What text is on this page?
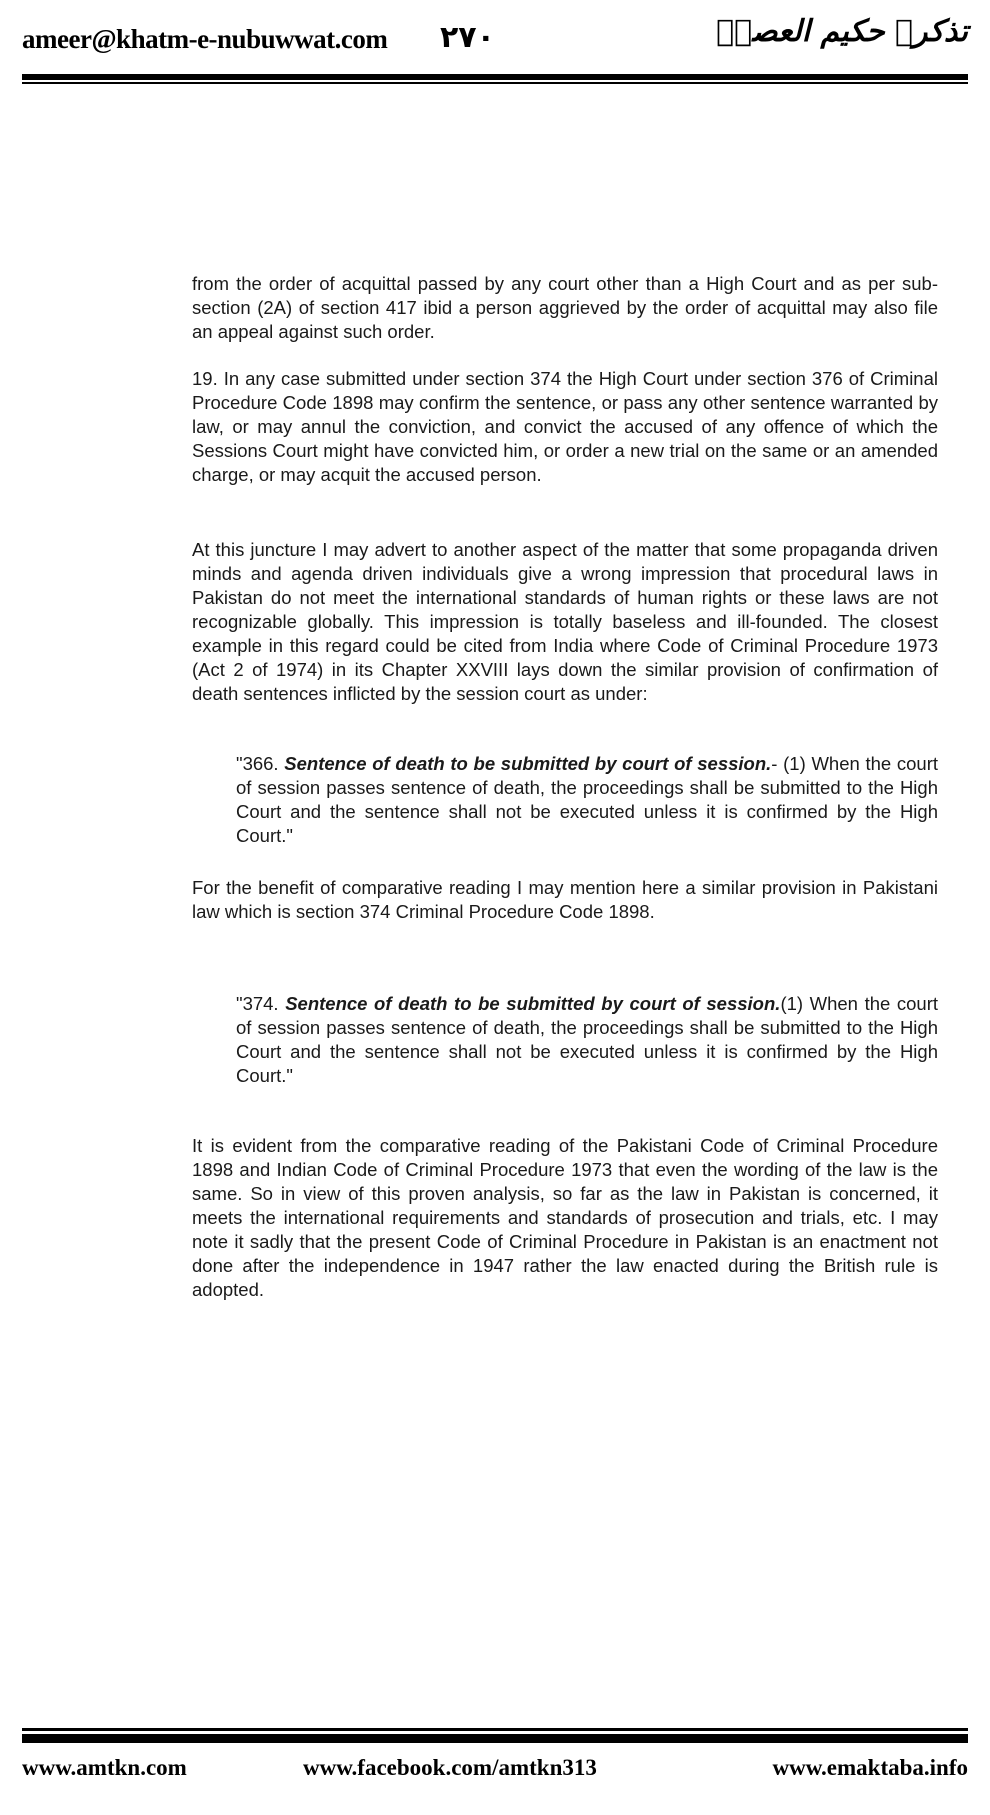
ameer@khatm-e-nubuwwat.com ۲۷۰	تذکرہ حکیم العصرؒ
from the order of acquittal passed by any court other than a High Court and as per sub-section (2A) of section 417 ibid a person aggrieved by the order of acquittal may also file an appeal against such order.
19. In any case submitted under section 374 the High Court under section 376 of Criminal Procedure Code 1898 may confirm the sentence, or pass any other sentence warranted by law, or may annul the conviction, and convict the accused of any offence of which the Sessions Court might have convicted him, or order a new trial on the same or an amended charge, or may acquit the accused person.
At this juncture I may advert to another aspect of the matter that some propaganda driven minds and agenda driven individuals give a wrong impression that procedural laws in Pakistan do not meet the international standards of human rights or these laws are not recognizable globally. This impression is totally baseless and ill-founded. The closest example in this regard could be cited from India where Code of Criminal Procedure 1973 (Act 2 of 1974) in its Chapter XXVIII lays down the similar provision of confirmation of death sentences inflicted by the session court as under:
"366. Sentence of death to be submitted by court of session.- (1) When the court of session passes sentence of death, the proceedings shall be submitted to the High Court and the sentence shall not be executed unless it is confirmed by the High Court."
For the benefit of comparative reading I may mention here a similar provision in Pakistani law which is section 374 Criminal Procedure Code 1898.
"374. Sentence of death to be submitted by court of session.(1) When the court of session passes sentence of death, the proceedings shall be submitted to the High Court and the sentence shall not be executed unless it is confirmed by the High Court."
It is evident from the comparative reading of the Pakistani Code of Criminal Procedure 1898 and Indian Code of Criminal Procedure 1973 that even the wording of the law is the same. So in view of this proven analysis, so far as the law in Pakistan is concerned, it meets the international requirements and standards of prosecution and trials, etc. I may note it sadly that the present Code of Criminal Procedure in Pakistan is an enactment not done after the independence in 1947 rather the law enacted during the British rule is adopted.
www.amtkn.com	www.facebook.com/amtkn313	www.emaktaba.info
